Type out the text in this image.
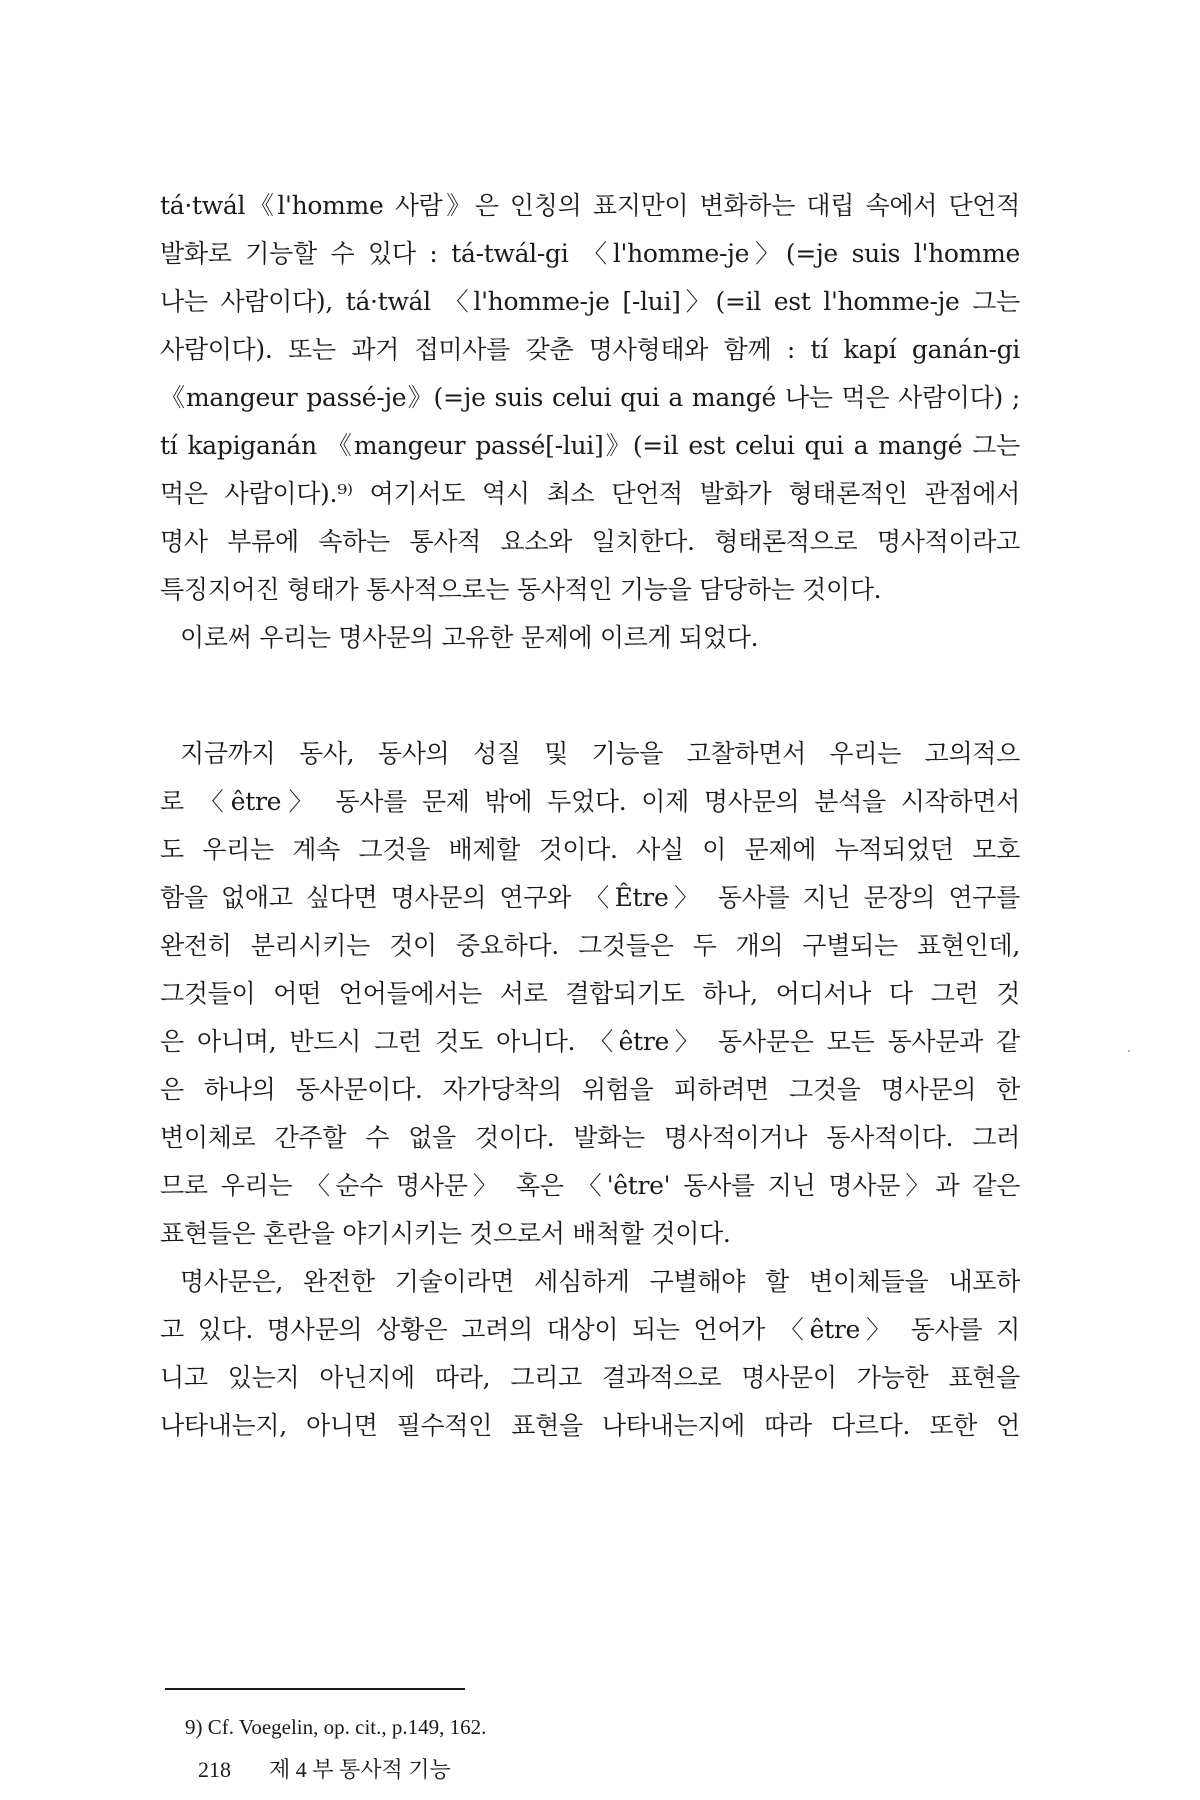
tá·twál《l'homme 사람》은 인칭의 표지만이 변화하는 대립 속에서 단언적
발화로 기능할 수 있다 : tá-twál-gi 〈l'homme-je〉(=je suis l'homme
나는 사람이다), tá·twál 〈l'homme-je [-lui]〉(=il est l'homme-je 그는
사람이다). 또는 과거 접미사를 갖춘 명사형태와 함께 : tí kapí ganán-gi
《mangeur passé-je》(=je suis celui qui a mangé 나는 먹은 사람이다) ;
tí kapiganán 《mangeur passé[-lui]》(=il est celui qui a mangé 그는
먹은 사람이다).⁹⁾ 여기서도 역시 최소 단언적 발화가 형태론적인 관점에서
명사 부류에 속하는 통사적 요소와 일치한다. 형태론적으로 명사적이라고
특징지어진 형태가 통사적으로는 동사적인 기능을 담당하는 것이다.
이로써 우리는 명사문의 고유한 문제에 이르게 되었다.
지금까지 동사, 동사의 성질 및 기능을 고찰하면서 우리는 고의적으
로 〈être〉 동사를 문제 밖에 두었다. 이제 명사문의 분석을 시작하면서
도 우리는 계속 그것을 배제할 것이다. 사실 이 문제에 누적되었던 모호
함을 없애고 싶다면 명사문의 연구와 〈Être〉 동사를 지닌 문장의 연구를
완전히 분리시키는 것이 중요하다. 그것들은 두 개의 구별되는 표현인데,
그것들이 어떤 언어들에서는 서로 결합되기도 하나, 어디서나 다 그런 것
은 아니며, 반드시 그런 것도 아니다. 〈être〉 동사문은 모든 동사문과 같
은 하나의 동사문이다. 자가당착의 위험을 피하려면 그것을 명사문의 한
변이체로 간주할 수 없을 것이다. 발화는 명사적이거나 동사적이다. 그러
므로 우리는 〈순수 명사문〉 혹은 〈'être' 동사를 지닌 명사문〉과 같은
표현들은 혼란을 야기시키는 것으로서 배척할 것이다.
명사문은, 완전한 기술이라면 세심하게 구별해야 할 변이체들을 내포하
고 있다. 명사문의 상황은 고려의 대상이 되는 언어가 〈être〉 동사를 지
니고 있는지 아닌지에 따라, 그리고 결과적으로 명사문이 가능한 표현을
나타내는지, 아니면 필수적인 표현을 나타내는지에 따라 다르다. 또한 언
9) Cf. Voegelin, op. cit., p.149, 162.
218 제 4 부 통사적 기능
